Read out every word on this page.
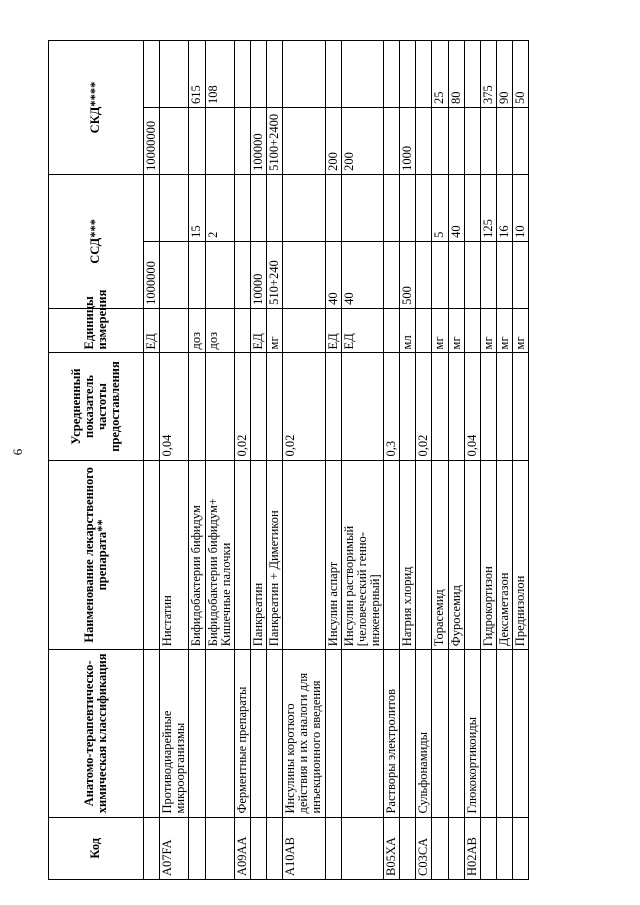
6
Код	Анатомо-терапевтическо-химическая классификация	Наименование лекарственного препарата**	Усредненный показатель частоты предоставления	Единицы измерения	ССД***		СКД****	
				ЕД	1000000		10000000	
A07FA	Противодиарейные микроорганизмы	Нистатин	0,04					
		Бифидобактерии бифидум		доз		15		615
		Бифидобактерии бифидум+ Кишечные палочки		доз		2		108
A09AA	Ферментные препараты		0,02					
		Панкреатин		ЕД	10000		100000	
		Панкреатин + Диметикон		мг	510+240		5100+2400	
A10AB	Инсулины короткого действия и их аналоги для инъекционного введения		0,02					
		Инсулин аспарт		ЕД	40		200	
		Инсулин растворимый [человеческий генно-инженерный]		ЕД	40		200	
B05XA	Растворы электролитов		0,3					
		Натрия хлорид		мл	500		1000	
C03CA	Сульфонамиды		0,02					
		Торасемид		мг		5		25
		Фуросемид		мг		40		80
H02AB	Глюкокортикоиды		0,04					
		Гидрокортизон		мг		125		375
		Дексаметазон		мг		16		90
		Преднизолон		мг		10		50
